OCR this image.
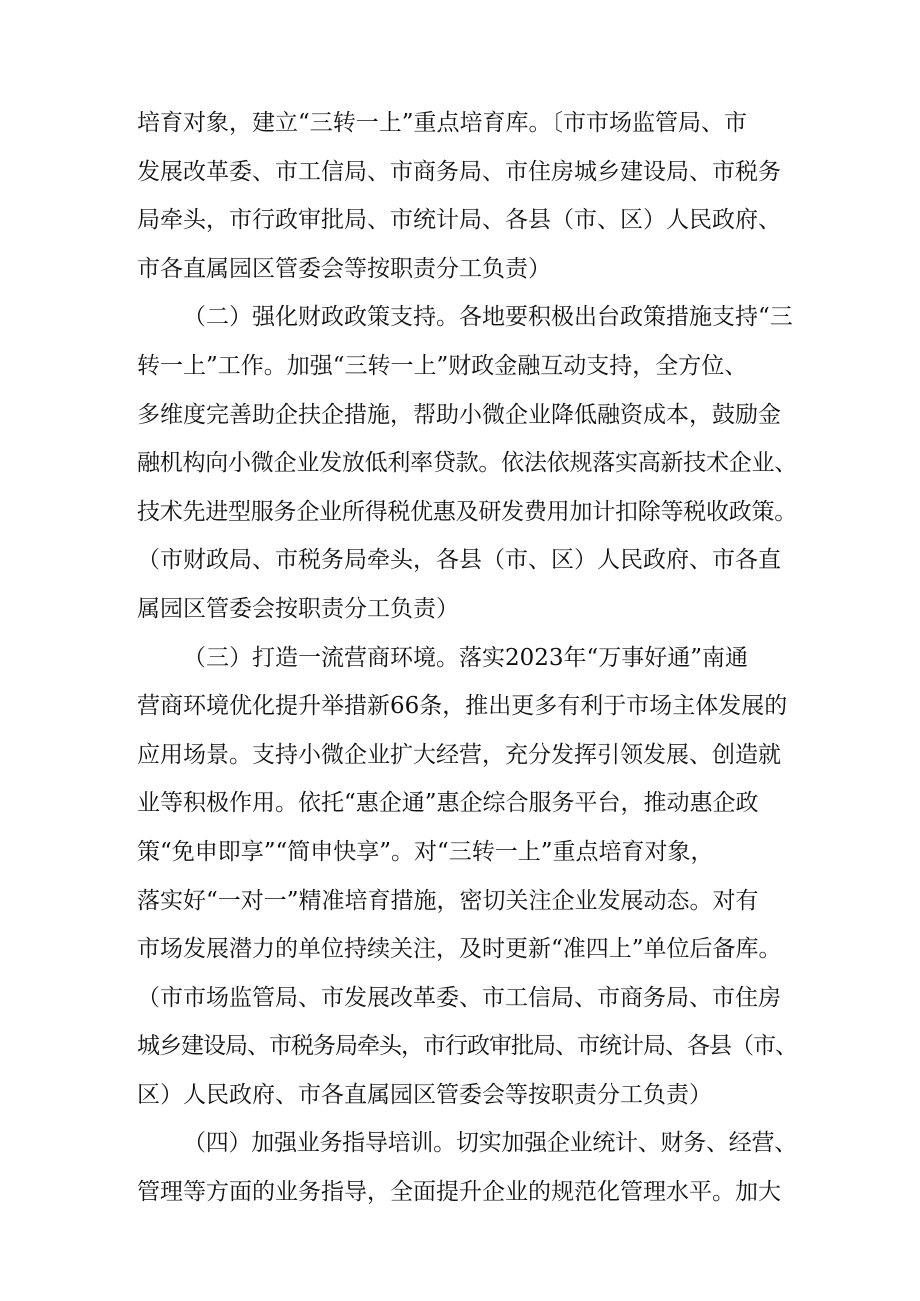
培育对象，建立“三转一上”重点培育库。〔市市场监管局、市
发展改革委、市工信局、市商务局、市住房城乡建设局、市税务
局牵头，市行政审批局、市统计局、各县（市、区）人民政府、
市各直属园区管委会等按职责分工负责）
（二）强化财政政策支持。各地要积极出台政策措施支持“三
转一上”工作。加强“三转一上”财政金融互动支持，全方位、
多维度完善助企扶企措施，帮助小微企业降低融资成本，鼓励金
融机构向小微企业发放低利率贷款。依法依规落实高新技术企业、
技术先进型服务企业所得税优惠及研发费用加计扣除等税收政策。
（市财政局、市税务局牵头，各县（市、区）人民政府、市各直
属园区管委会按职责分工负责）
（三）打造一流营商环境。落实2023年“万事好通”南通
营商环境优化提升举措新66条，推出更多有利于市场主体发展的
应用场景。支持小微企业扩大经营，充分发挥引领发展、创造就
业等积极作用。依托“惠企通”惠企综合服务平台，推动惠企政
策“免申即享”“简申快享”。对“三转一上”重点培育对象，
落实好“一对一”精准培育措施，密切关注企业发展动态。对有
市场发展潜力的单位持续关注，及时更新“准四上”单位后备库。
（市市场监管局、市发展改革委、市工信局、市商务局、市住房
城乡建设局、市税务局牵头，市行政审批局、市统计局、各县（市、
区）人民政府、市各直属园区管委会等按职责分工负责）
（四）加强业务指导培训。切实加强企业统计、财务、经营、
管理等方面的业务指导，全面提升企业的规范化管理水平。加大
